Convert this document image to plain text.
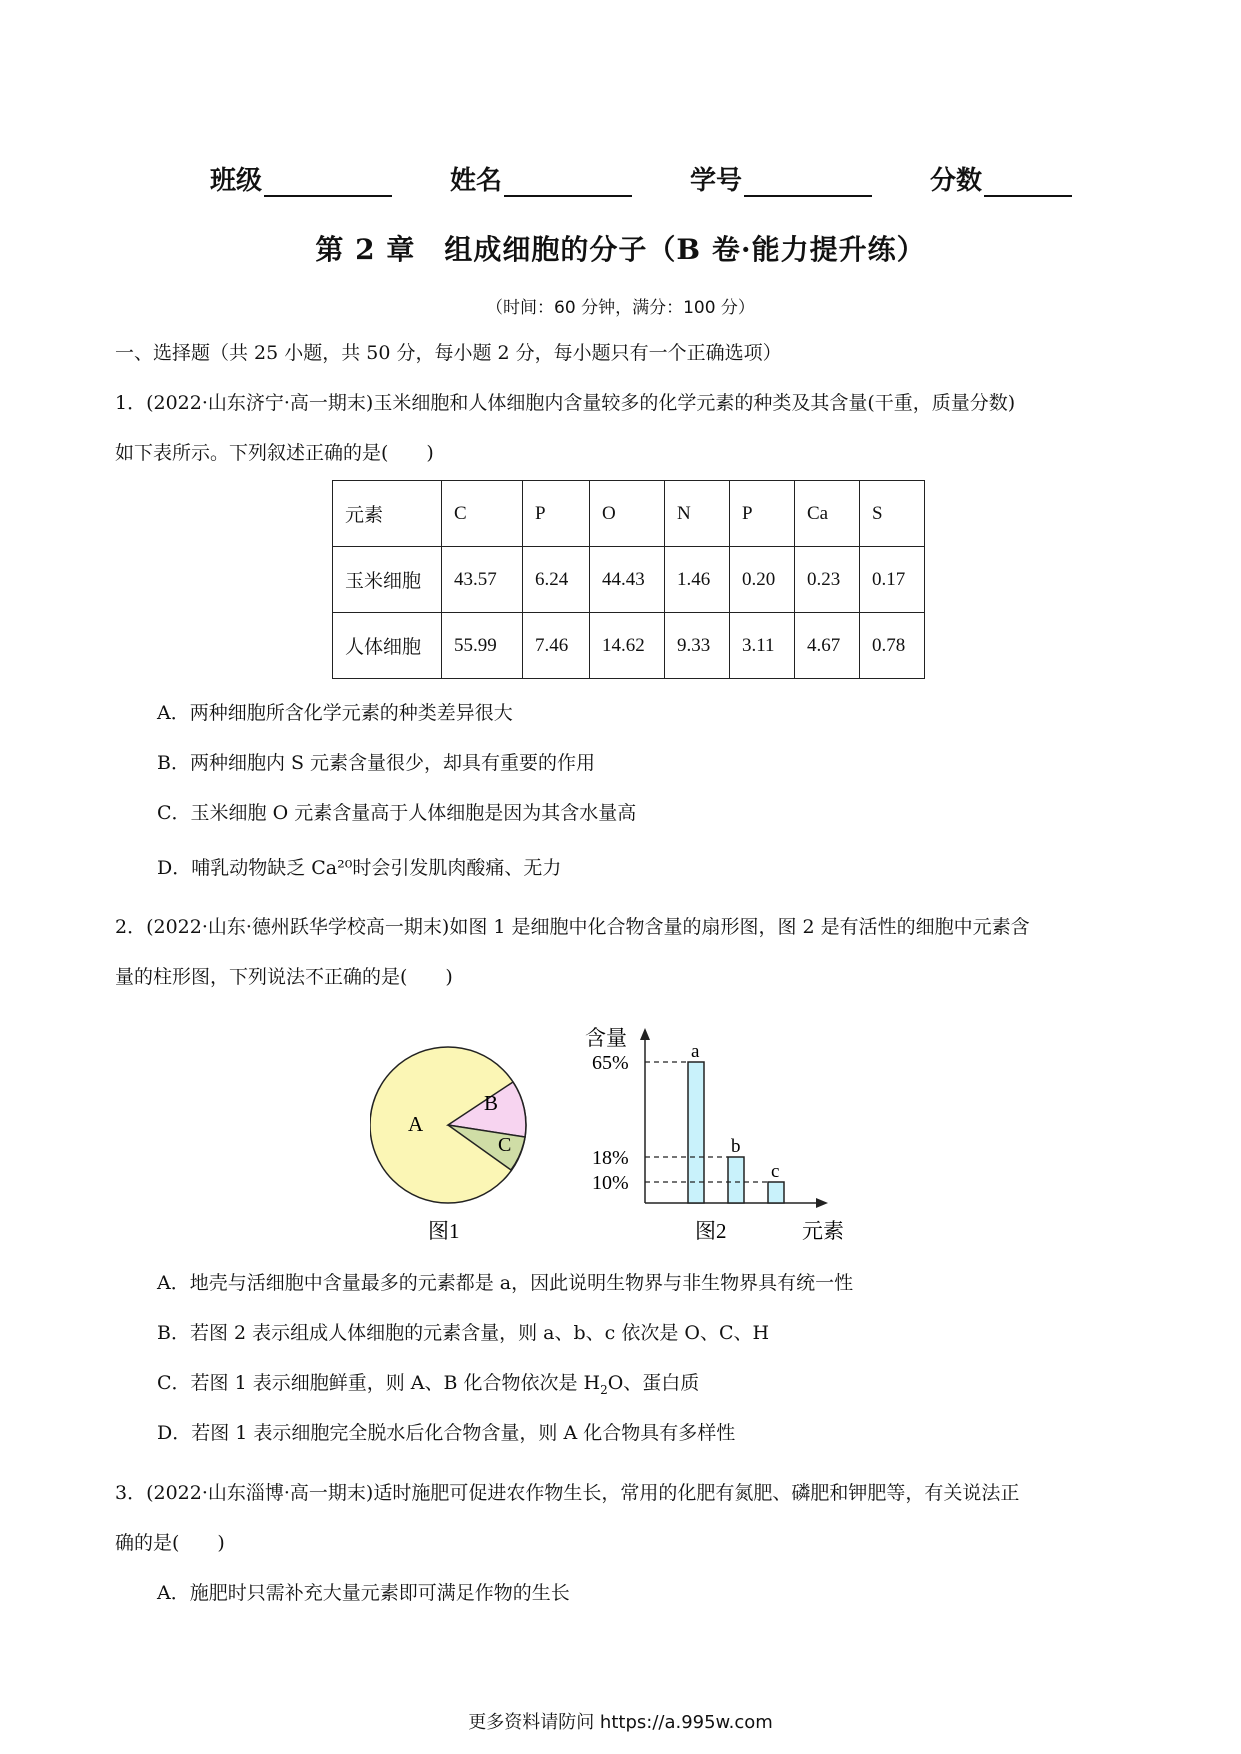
班级	姓名	学号	分数
第 2 章　组成细胞的分子（B 卷·能力提升练）
（时间：60 分钟，满分：100 分）
一、选择题（共 25 小题，共 50 分，每小题 2 分，每小题只有一个正确选项）
1．(2022·山东济宁·高一期末)玉米细胞和人体细胞内含量较多的化学元素的种类及其含量(干重，质量分数)
如下表所示。下列叙述正确的是(　　)
元素	C	P	O	N	P	Ca	S
玉米细胞	43.57	6.24	44.43	1.46	0.20	0.23	0.17
人体细胞	55.99	7.46	14.62	9.33	3.11	4.67	0.78
A．两种细胞所含化学元素的种类差异很大
B．两种细胞内 S 元素含量很少，却具有重要的作用
C．玉米细胞 O 元素含量高于人体细胞是因为其含水量高
D．哺乳动物缺乏 Ca²⁰时会引发肌肉酸痛、无力
2．(2022·山东·德州跃华学校高一期末)如图 1 是细胞中化合物含量的扇形图，图 2 是有活性的细胞中元素含
量的柱形图，下列说法不正确的是(　　)
A
B
C
图1
含量
元素
图2
a
65%
b
18%
c
10%
A．地壳与活细胞中含量最多的元素都是 a，因此说明生物界与非生物界具有统一性
B．若图 2 表示组成人体细胞的元素含量，则 a、b、c 依次是 O、C、H
C．若图 1 表示细胞鲜重，则 A、B 化合物依次是 $H_2O$、蛋白质
D．若图 1 表示细胞完全脱水后化合物含量，则 A 化合物具有多样性
3．(2022·山东淄博·高一期末)适时施肥可促进农作物生长，常用的化肥有氮肥、磷肥和钾肥等，有关说法正
确的是(　　)
A．施肥时只需补充大量元素即可满足作物的生长
更多资料请防问 https://a.995w.com
